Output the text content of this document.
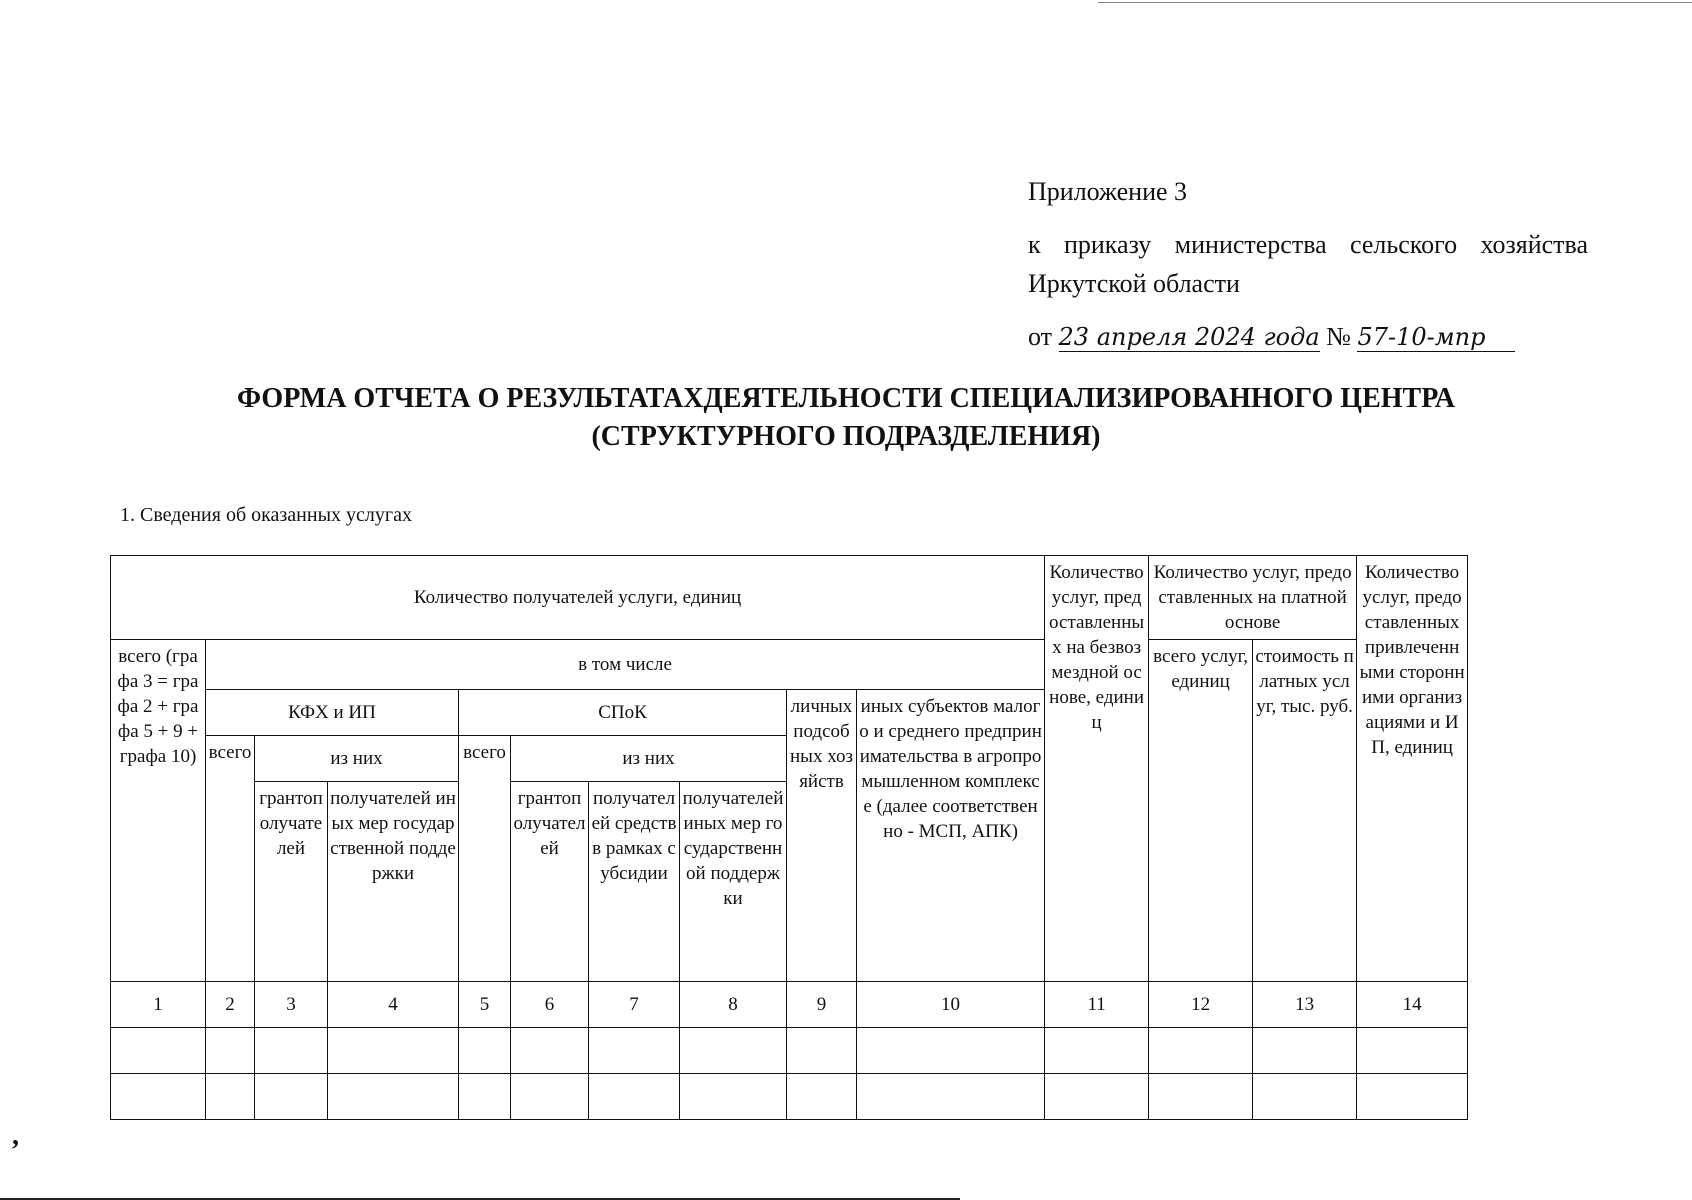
Приложение 3
к приказу министерства сельского хозяйства
Иркутской области
от 23 апреля 2024 года № 57-10-мпр
ФОРМА ОТЧЕТА О РЕЗУЛЬТАТАХДЕЯТЕЛЬНОСТИ СПЕЦИАЛИЗИРОВАННОГО ЦЕНТРА
(СТРУКТУРНОГО ПОДРАЗДЕЛЕНИЯ)
1. Сведения об оказанных услугах
Количество получателей услуги, единиц										Количество услуг, предоставленных на безвозмездной основе, единиц	Количество услуг, предоставленных на платной основе		Количество услуг, предоставленных привлеченными сторонними организациями и ИП, единиц
всего (графа 3 = графа 2 + графа 5 + 9 + графа 10)	в том числе										всего услуг, единиц	стоимость платных услуг, тыс. руб.	
	КФХ и ИП			СПоК				личных подсобных хозяйств	иных субъектов малого и среднего предпринимательства в агропромышленном комплексе (далее соответственно - МСП, АПК)				
	всего	из них		всего	из них								
		грантополучателей	получателей иных мер государственной поддержки		грантополучателей	получателей средств в рамках субсидии	получателей иных мер государственной поддержки						
1	2	3	4	5	6	7	8	9	10	11	12	13	14

,
